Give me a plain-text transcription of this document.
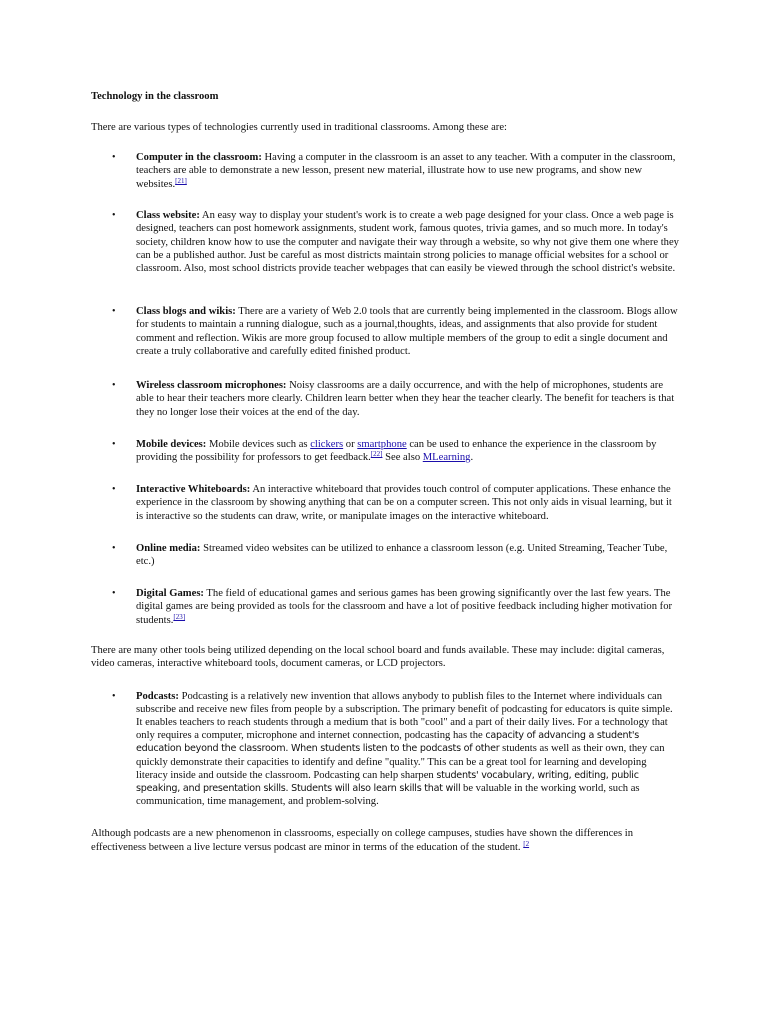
Technology in the classroom

There are various types of technologies currently used in traditional classrooms. Among these are:

• Computer in the classroom: Having a computer in the classroom is an asset to any teacher. With a computer in the classroom, teachers are able to demonstrate a new lesson, present new material, illustrate how to use new programs, and show new websites.[21]
• Class website: An easy way to display your student's work is to create a web page designed for your class. Once a web page is designed, teachers can post homework assignments, student work, famous quotes, trivia games, and so much more. In today's society, children know how to use the computer and navigate their way through a website, so why not give them one where they can be a published author. Just be careful as most districts maintain strong policies to manage official websites for a school or classroom. Also, most school districts provide teacher webpages that can easily be viewed through the school district's website.
• Class blogs and wikis: There are a variety of Web 2.0 tools that are currently being implemented in the classroom. Blogs allow for students to maintain a running dialogue, such as a journal,thoughts, ideas, and assignments that also provide for student comment and reflection. Wikis are more group focused to allow multiple members of the group to edit a single document and create a truly collaborative and carefully edited finished product.
• Wireless classroom microphones: Noisy classrooms are a daily occurrence, and with the help of microphones, students are able to hear their teachers more clearly. Children learn better when they hear the teacher clearly. The benefit for teachers is that they no longer lose their voices at the end of the day.
• Mobile devices: Mobile devices such as clickers or smartphone can be used to enhance the experience in the classroom by providing the possibility for professors to get feedback.[22] See also MLearning.
• Interactive Whiteboards: An interactive whiteboard that provides touch control of computer applications. These enhance the experience in the classroom by showing anything that can be on a computer screen. This not only aids in visual learning, but it is interactive so the students can draw, write, or manipulate images on the interactive whiteboard.
• Online media: Streamed video websites can be utilized to enhance a classroom lesson (e.g. United Streaming, Teacher Tube, etc.)
• Digital Games: The field of educational games and serious games has been growing significantly over the last few years. The digital games are being provided as tools for the classroom and have a lot of positive feedback including higher motivation for students.[23]

There are many other tools being utilized depending on the local school board and funds available. These may include: digital cameras, video cameras, interactive whiteboard tools, document cameras, or LCD projectors.

• Podcasts: Podcasting is a relatively new invention that allows anybody to publish files to the Internet where individuals can subscribe and receive new files from people by a subscription. The primary benefit of podcasting for educators is quite simple. It enables teachers to reach students through a medium that is both "cool" and a part of their daily lives. For a technology that only requires a computer, microphone and internet connection, podcasting has the capacity of advancing a student's education beyond the classroom. When students listen to the podcasts of other students as well as their own, they can quickly demonstrate their capacities to identify and define "quality." This can be a great tool for learning and developing literacy inside and outside the classroom. Podcasting can help sharpen students' vocabulary, writing, editing, public speaking, and presentation skills. Students will also learn skills that will be valuable in the working world, such as communication, time management, and problem-solving.

Although podcasts are a new phenomenon in classrooms, especially on college campuses, studies have shown the differences in effectiveness between a live lecture versus podcast are minor in terms of the education of the student. $^{[2}$
